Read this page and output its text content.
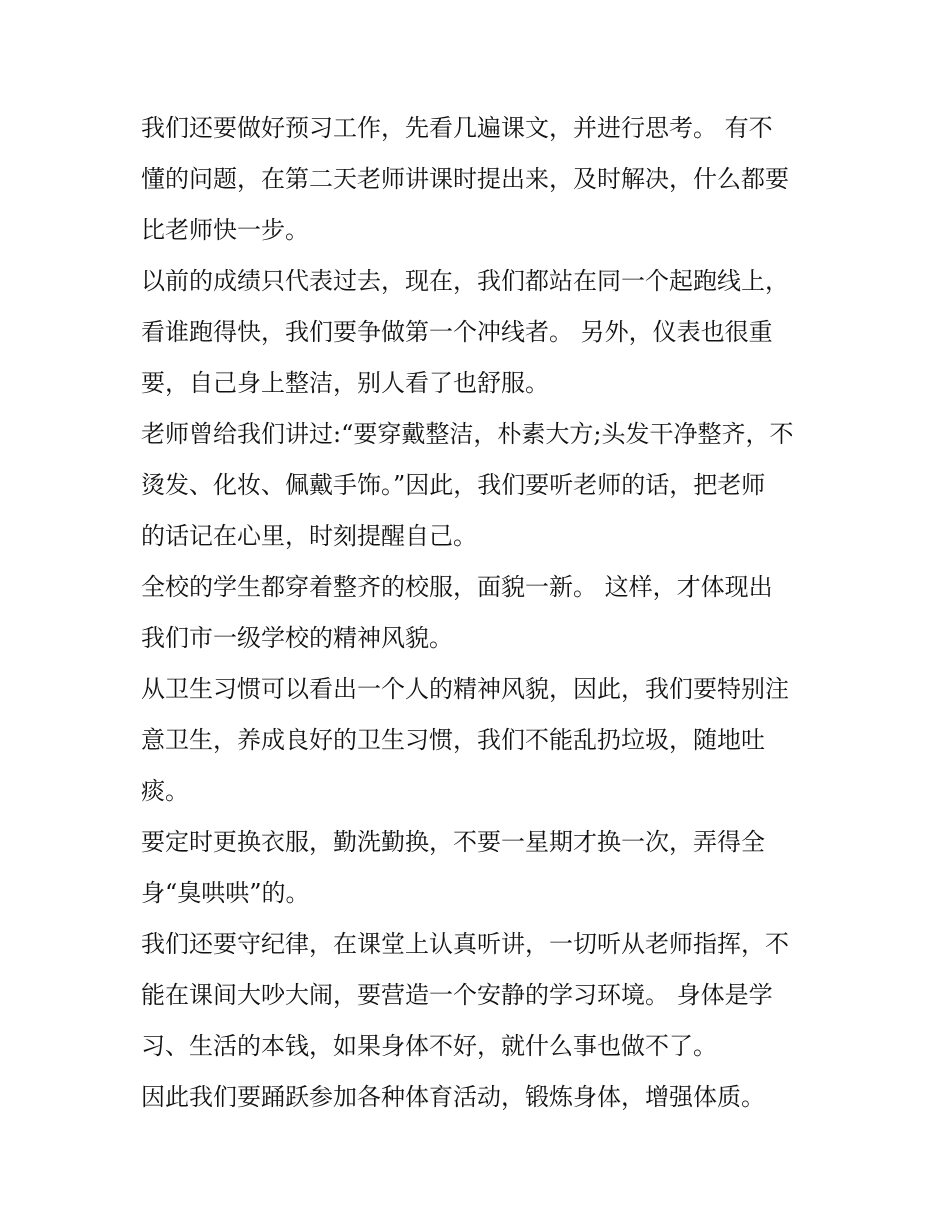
我们还要做好预习工作，先看几遍课文，并进行思考。 有不
懂的问题，在第二天老师讲课时提出来，及时解决，什么都要
比老师快一步。
以前的成绩只代表过去，现在，我们都站在同一个起跑线上，
看谁跑得快，我们要争做第一个冲线者。 另外，仪表也很重
要，自己身上整洁，别人看了也舒服。
老师曾给我们讲过:“要穿戴整洁，朴素大方;头发干净整齐，不
烫发、化妆、佩戴手饰。”因此，我们要听老师的话，把老师
的话记在心里，时刻提醒自己。
全校的学生都穿着整齐的校服，面貌一新。 这样，才体现出
我们市一级学校的精神风貌。
从卫生习惯可以看出一个人的精神风貌，因此，我们要特别注
意卫生，养成良好的卫生习惯，我们不能乱扔垃圾，随地吐
痰。
要定时更换衣服，勤洗勤换，不要一星期才换一次，弄得全
身“臭哄哄”的。
我们还要守纪律，在课堂上认真听讲，一切听从老师指挥，不
能在课间大吵大闹，要营造一个安静的学习环境。 身体是学
习、生活的本钱，如果身体不好，就什么事也做不了。
因此我们要踊跃参加各种体育活动，锻炼身体，增强体质。
